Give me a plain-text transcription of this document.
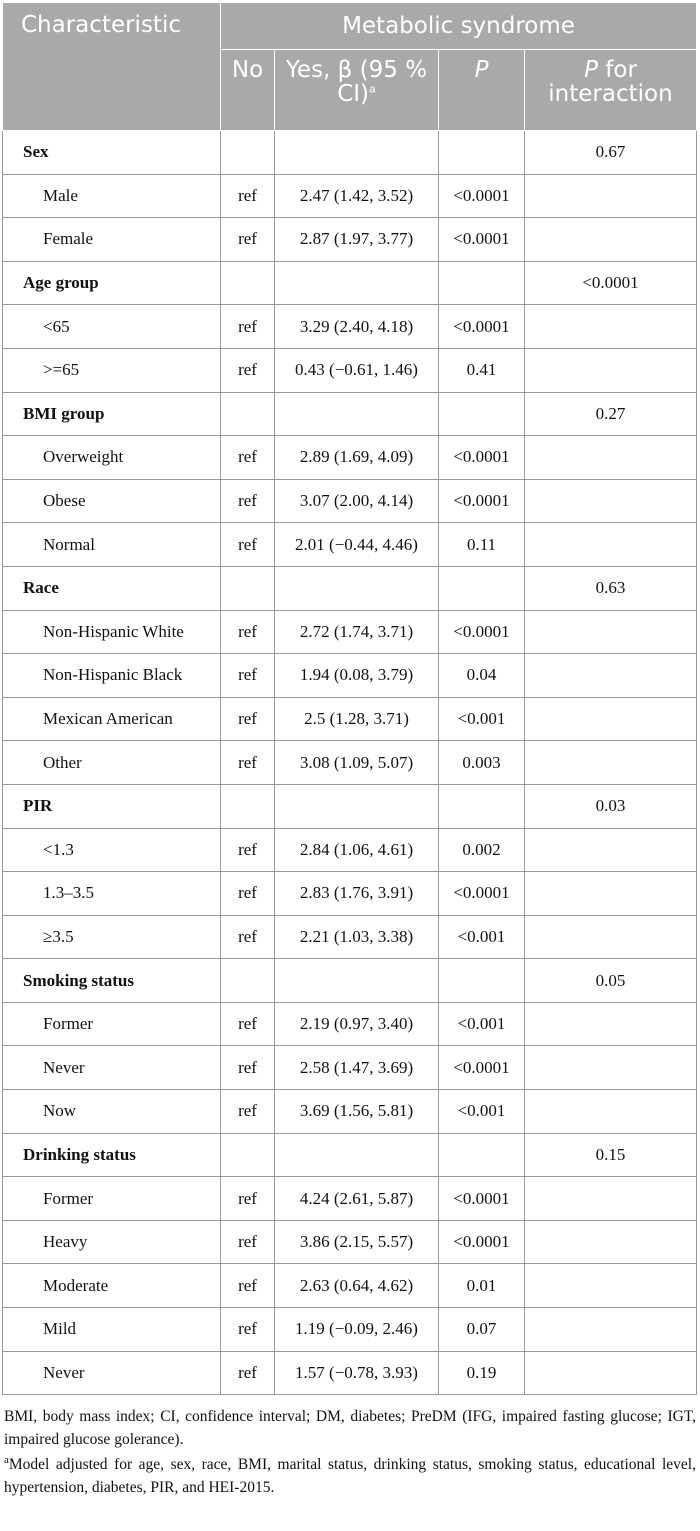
Characteristic	Metabolic syndrome			
	No	Yes, β (95 % CI)$^a$	P	P for interaction
Sex				0.67
Male	ref	2.47 (1.42, 3.52)	<0.0001	
Female	ref	2.87 (1.97, 3.77)	<0.0001	
Age group				<0.0001
<65	ref	3.29 (2.40, 4.18)	<0.0001	
>=65	ref	0.43 (−0.61, 1.46)	0.41	
BMI group				0.27
Overweight	ref	2.89 (1.69, 4.09)	<0.0001	
Obese	ref	3.07 (2.00, 4.14)	<0.0001	
Normal	ref	2.01 (−0.44, 4.46)	0.11	
Race				0.63
Non-Hispanic White	ref	2.72 (1.74, 3.71)	<0.0001	
Non-Hispanic Black	ref	1.94 (0.08, 3.79)	0.04	
Mexican American	ref	2.5 (1.28, 3.71)	<0.001	
Other	ref	3.08 (1.09, 5.07)	0.003	
PIR				0.03
<1.3	ref	2.84 (1.06, 4.61)	0.002	
1.3–3.5	ref	2.83 (1.76, 3.91)	<0.0001	
≥3.5	ref	2.21 (1.03, 3.38)	<0.001	
Smoking status				0.05
Former	ref	2.19 (0.97, 3.40)	<0.001	
Never	ref	2.58 (1.47, 3.69)	<0.0001	
Now	ref	3.69 (1.56, 5.81)	<0.001	
Drinking status				0.15
Former	ref	4.24 (2.61, 5.87)	<0.0001	
Heavy	ref	3.86 (2.15, 5.57)	<0.0001	
Moderate	ref	2.63 (0.64, 4.62)	0.01	
Mild	ref	1.19 (−0.09, 2.46)	0.07	
Never	ref	1.57 (−0.78, 3.93)	0.19	

BMI, body mass index; CI, confidence interval; DM, diabetes; PreDM (IFG, impaired fasting glucose; IGT, impaired glucose golerance).

$^a$Model adjusted for age, sex, race, BMI, marital status, drinking status, smoking status, educational level, hypertension, diabetes, PIR, and HEI-2015.
